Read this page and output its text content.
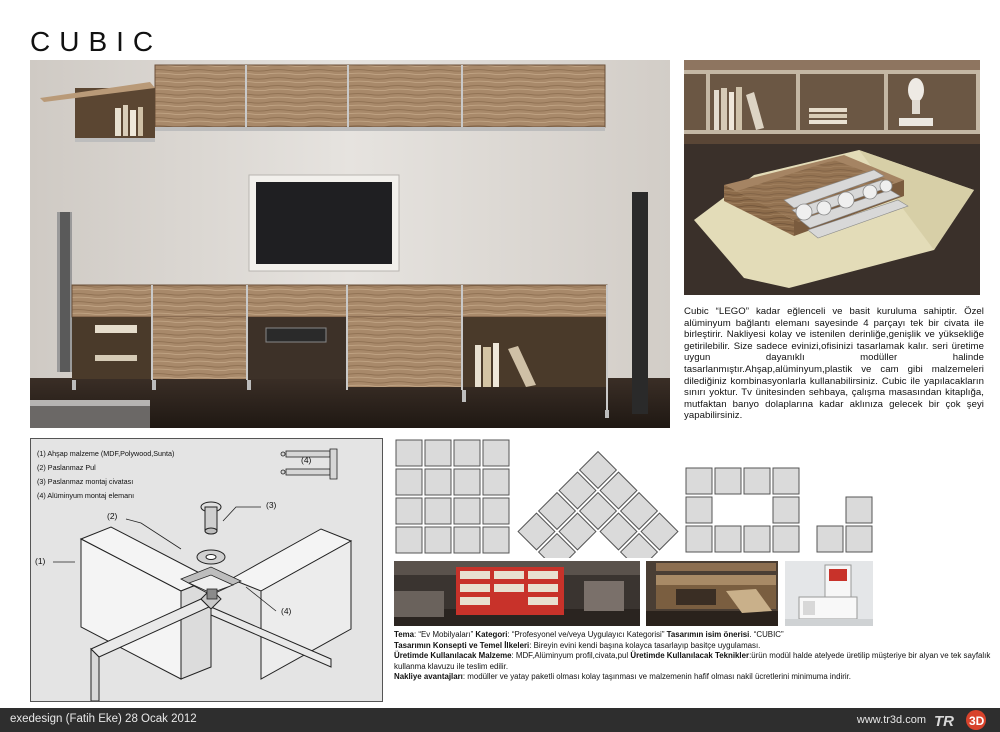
CUBIC

Cubic “LEGO” kadar eğlenceli ve basit kuruluma sahiptir. Özel alüminyum bağlantı elemanı sayesinde 4 parçayı tek bir civata ile birleştirir. Nakliyesi kolay ve istenilen derinliğe,genişlik ve yüksekliğe getirilebilir. Size sadece evinizi,ofisinizi tasarlamak kalır. seri üretime uygun dayanıklı modüller halinde tasarlanmıştır.Ahşap,alüminyum,plastik ve cam gibi malzemeleri dilediğiniz kombinasyonlarla kullanabilirsiniz. Cubic ile yapılacakların sınırı yoktur. Tv ünitesinden sehbaya, çalışma masasından kitaplığa, mutfaktan banyo dolaplarına kadar aklınıza gelecek bir çok şeyi yapabilirsiniz.

(1) Ahşap malzeme (MDF,Polywood,Sunta)
(2) Paslanmaz Pul
(3) Paslanmaz montaj civatası
(4) Alüminyum montaj elemanı
(1)
(2)
(3)
(4)
(4)

Tema: “Ev Mobilyaları” Kategori: “Profesyonel ve/veya Uygulayıcı Kategorisi” Tasarımın isim önerisi. “CUBIC”

Tasarımın Konsepti ve Temel İlkeleri: Bireyin evini kendi başına kolayca tasarlayıp basitçe uygulaması.

Üretimde Kullanılacak Malzeme: MDF,Alüminyum profil,civata,pul Üretimde Kullanılacak Teknikler:ürün modül halde atelyede üretilip müşteriye bir alyan ve tek sayfalık kullanma klavuzu ile teslim edilir.

Nakliye avantajları: modüller ve yatay paketli olması kolay taşınması ve malzemenin hafif olması nakil ücretlerini minimuma indirir.

exedesign (Fatih Eke) 28 Ocak 2012	www.tr3d.com TR 3D
